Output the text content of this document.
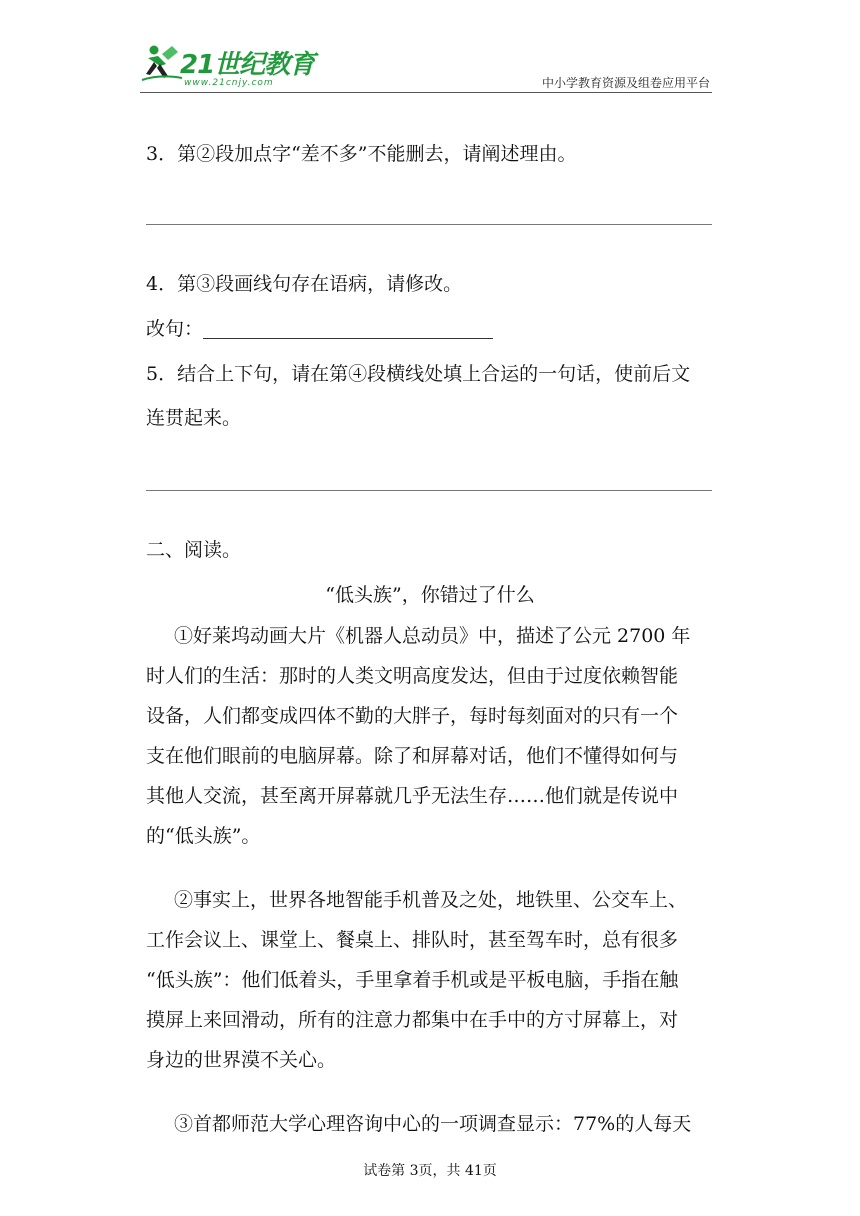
21世纪教育
www.21cnjy.com	中小学教育资源及组卷应用平台
3．第②段加点字“差不多”不能删去，请阐述理由。
4．第③段画线句存在语病，请修改。
改句：
5．结合上下句，请在第④段横线处填上合运的一句话，使前后文
连贯起来。
二、阅读。
“低头族”，你错过了什么
①好莱坞动画大片《机器人总动员》中，描述了公元 2700 年
时人们的生活：那时的人类文明高度发达，但由于过度依赖智能
设备，人们都变成四体不勤的大胖子，每时每刻面对的只有一个
支在他们眼前的电脑屏幕。除了和屏幕对话，他们不懂得如何与
其他人交流，甚至离开屏幕就几乎无法生存……他们就是传说中
的“低头族”。
②事实上，世界各地智能手机普及之处，地铁里、公交车上、
工作会议上、课堂上、餐桌上、排队时，甚至驾车时，总有很多
“低头族”：他们低着头，手里拿着手机或是平板电脑，手指在触
摸屏上来回滑动，所有的注意力都集中在手中的方寸屏幕上，对
身边的世界漠不关心。
③首都师范大学心理咨询中心的一项调查显示：77%的人每天
试卷第 3页，共 41页
